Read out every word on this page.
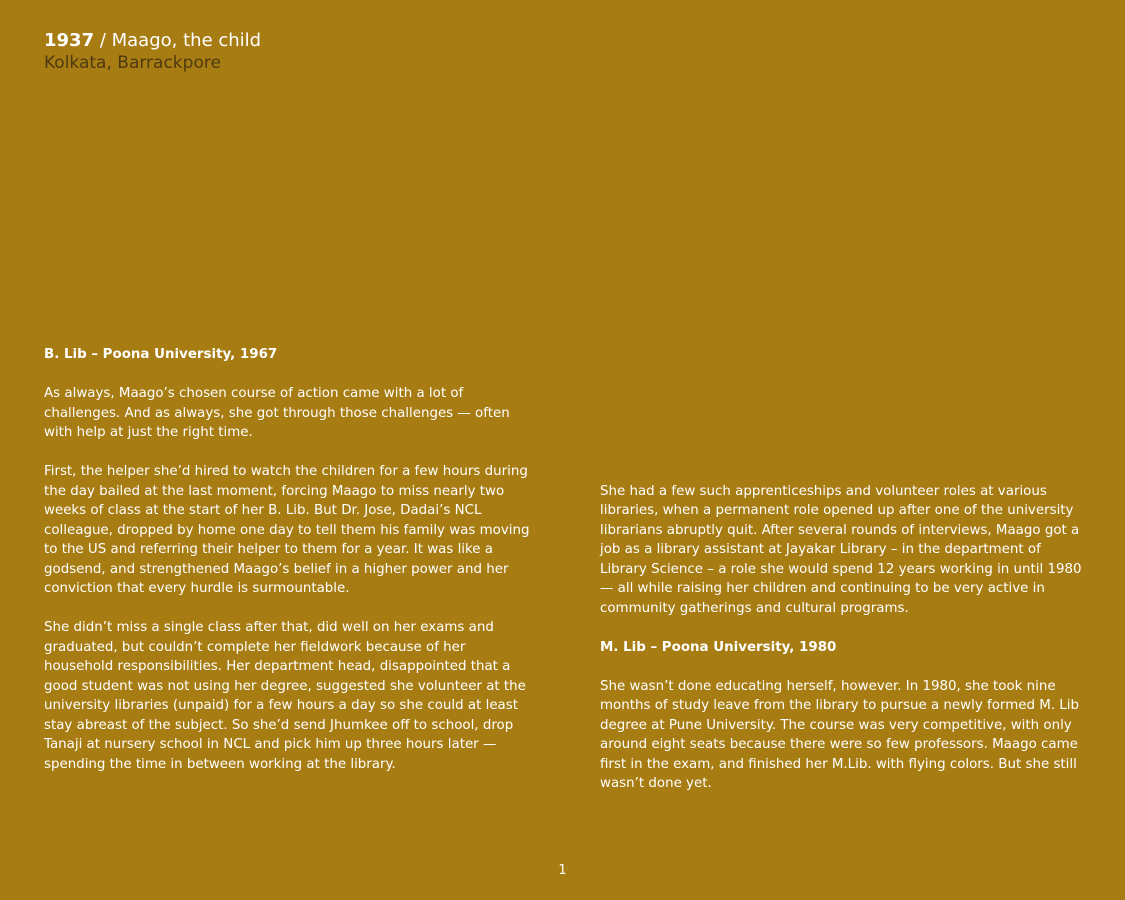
1937 / Maago, the child
Kolkata, Barrackpore
B. Lib – Poona University, 1967

As always, Maago’s chosen course of action came with a lot of challenges. And as always, she got through those challenges — often with help at just the right time.

First, the helper she’d hired to watch the children for a few hours during the day bailed at the last moment, forcing Maago to miss nearly two weeks of class at the start of her B. Lib. But Dr. Jose, Dadai’s NCL colleague, dropped by home one day to tell them his family was moving to the US and referring their helper to them for a year. It was like a godsend, and strengthened Maago’s belief in a higher power and her conviction that every hurdle is surmountable.

She didn’t miss a single class after that, did well on her exams and graduated, but couldn’t complete her fieldwork because of her household responsibilities. Her department head, disappointed that a good student was not using her degree, suggested she volunteer at the university libraries (unpaid) for a few hours a day so she could at least stay abreast of the subject. So she’d send Jhumkee off to school, drop Tanaji at nursery school in NCL and pick him up three hours later — spending the time in between working at the library.

She had a few such apprenticeships and volunteer roles at various libraries, when a permanent role opened up after one of the university librarians abruptly quit. After several rounds of interviews, Maago got a job as a library assistant at Jayakar Library – in the department of Library Science – a role she would spend 12 years working in until 1980 — all while raising her children and continuing to be very active in community gatherings and cultural programs.

M. Lib – Poona University, 1980

She wasn’t done educating herself, however. In 1980, she took nine months of study leave from the library to pursue a newly formed M. Lib degree at Pune University. The course was very competitive, with only around eight seats because there were so few professors. Maago came first in the exam, and finished her M.Lib. with flying colors. But she still wasn’t done yet.

1
